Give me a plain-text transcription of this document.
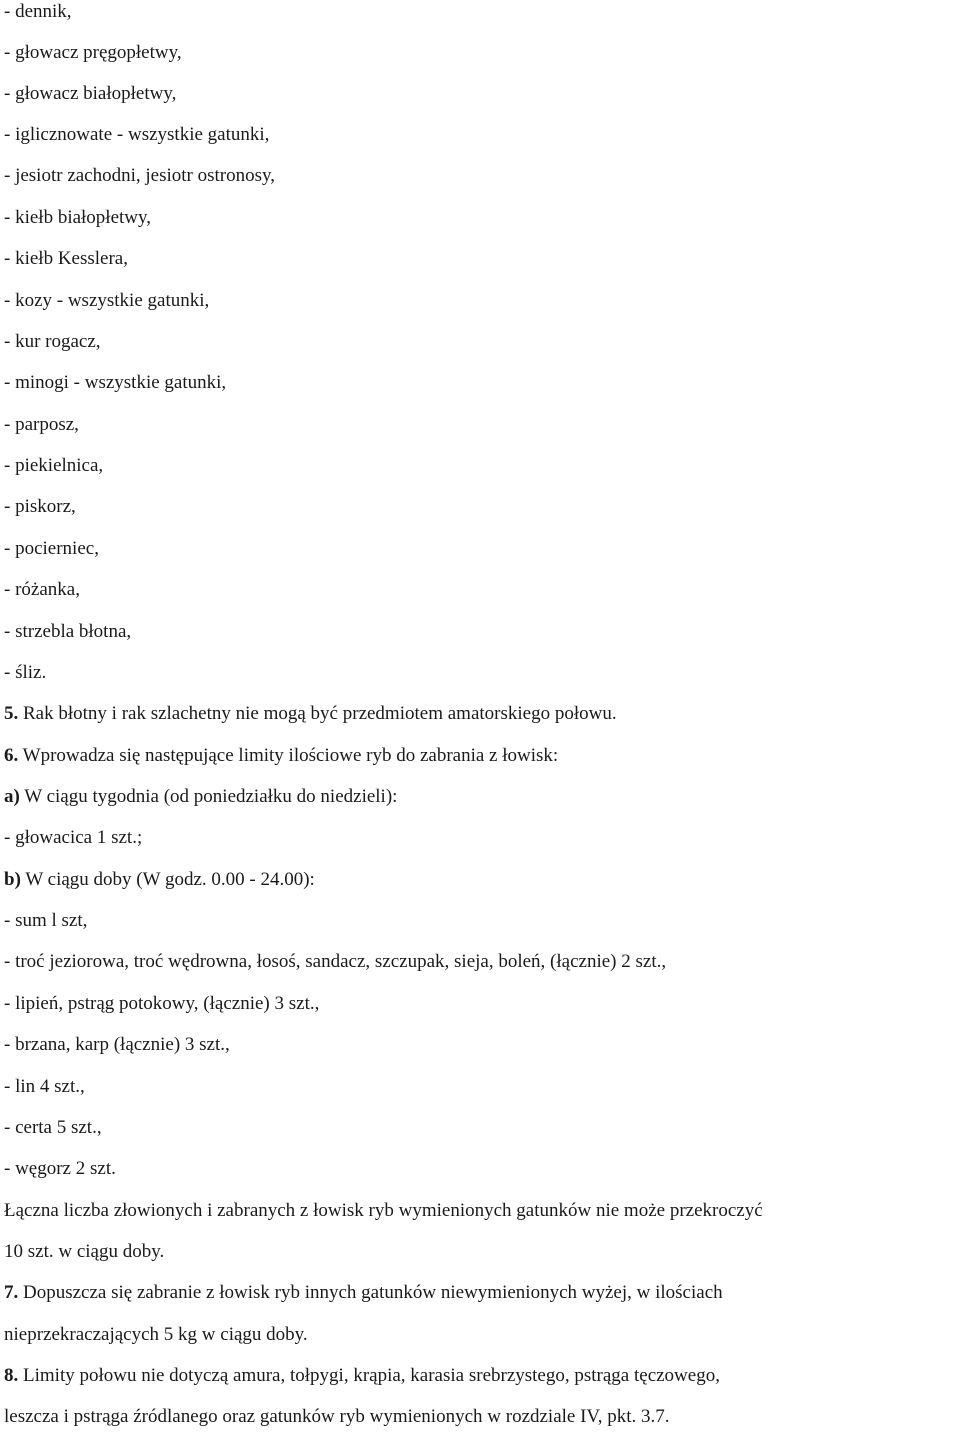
- dennik,
- głowacz pręgopłetwy,
- głowacz białopłetwy,
- iglicznowate - wszystkie gatunki,
- jesiotr zachodni, jesiotr ostronosy,
- kiełb białopłetwy,
- kiełb Kesslera,
- kozy - wszystkie gatunki,
- kur rogacz,
- minogi - wszystkie gatunki,
- parposz,
- piekielnica,
- piskorz,
- pocierniec,
- różanka,
- strzebla błotna,
- śliz.
5. Rak błotny i rak szlachetny nie mogą być przedmiotem amatorskiego połowu.
6. Wprowadza się następujące limity ilościowe ryb do zabrania z łowisk:
a) W ciągu tygodnia (od poniedziałku do niedzieli):
- głowacica 1 szt.;
b) W ciągu doby (W godz. 0.00 - 24.00):
- sum l szt,
- troć jeziorowa, troć wędrowna, łosoś, sandacz, szczupak, sieja, boleń, (łącznie) 2 szt.,
- lipień, pstrąg potokowy, (łącznie) 3 szt.,
- brzana, karp (łącznie) 3 szt.,
- lin 4 szt.,
- certa 5 szt.,
- węgorz 2 szt.
Łączna liczba złowionych i zabranych z łowisk ryb wymienionych gatunków nie może przekroczyć
10 szt. w ciągu doby.
7. Dopuszcza się zabranie z łowisk ryb innych gatunków niewymienionych wyżej, w ilościach
nieprzekraczających 5 kg w ciągu doby.
8. Limity połowu nie dotyczą amura, tołpygi, krąpia, karasia srebrzystego, pstrąga tęczowego,
leszcza i pstrąga źródlanego oraz gatunków ryb wymienionych w rozdziale IV, pkt. 3.7.
